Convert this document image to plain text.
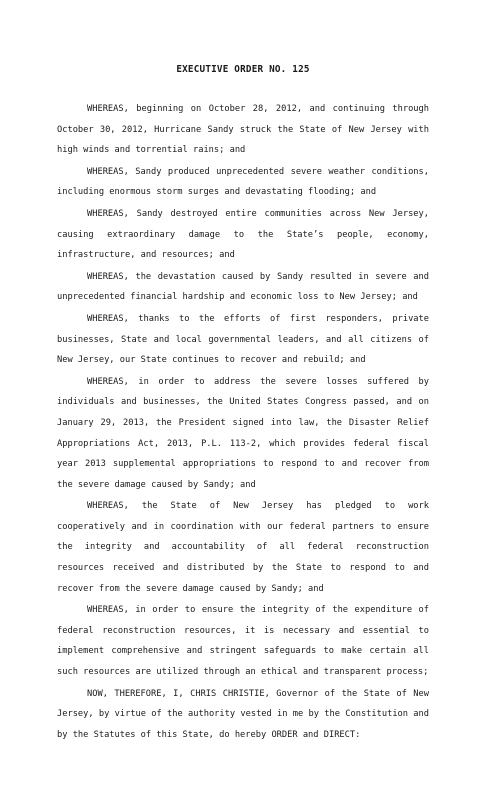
EXECUTIVE ORDER NO. 125

WHEREAS, beginning on October 28, 2012, and continuing through October 30, 2012, Hurricane Sandy struck the State of New Jersey with high winds and torrential rains; and

WHEREAS, Sandy produced unprecedented severe weather conditions, including enormous storm surges and devastating flooding; and

WHEREAS, Sandy destroyed entire communities across New Jersey, causing extraordinary damage to the State’s people, economy, infrastructure, and resources; and

WHEREAS, the devastation caused by Sandy resulted in severe and unprecedented financial hardship and economic loss to New Jersey; and

WHEREAS, thanks to the efforts of first responders, private businesses, State and local governmental leaders, and all citizens of New Jersey, our State continues to recover and rebuild; and

WHEREAS, in order to address the severe losses suffered by individuals and businesses, the United States Congress passed, and on January 29, 2013, the President signed into law, the Disaster Relief Appropriations Act, 2013, P.L. 113-2, which provides federal fiscal year 2013 supplemental appropriations to respond to and recover from the severe damage caused by Sandy; and

WHEREAS, the State of New Jersey has pledged to work cooperatively and in coordination with our federal partners to ensure the integrity and accountability of all federal reconstruction resources received and distributed by the State to respond to and recover from the severe damage caused by Sandy; and

WHEREAS, in order to ensure the integrity of the expenditure of federal reconstruction resources, it is necessary and essential to implement comprehensive and stringent safeguards to make certain all such resources are utilized through an ethical and transparent process;

NOW, THEREFORE, I, CHRIS CHRISTIE, Governor of the State of New Jersey, by virtue of the authority vested in me by the Constitution and by the Statutes of this State, do hereby ORDER and DIRECT:
